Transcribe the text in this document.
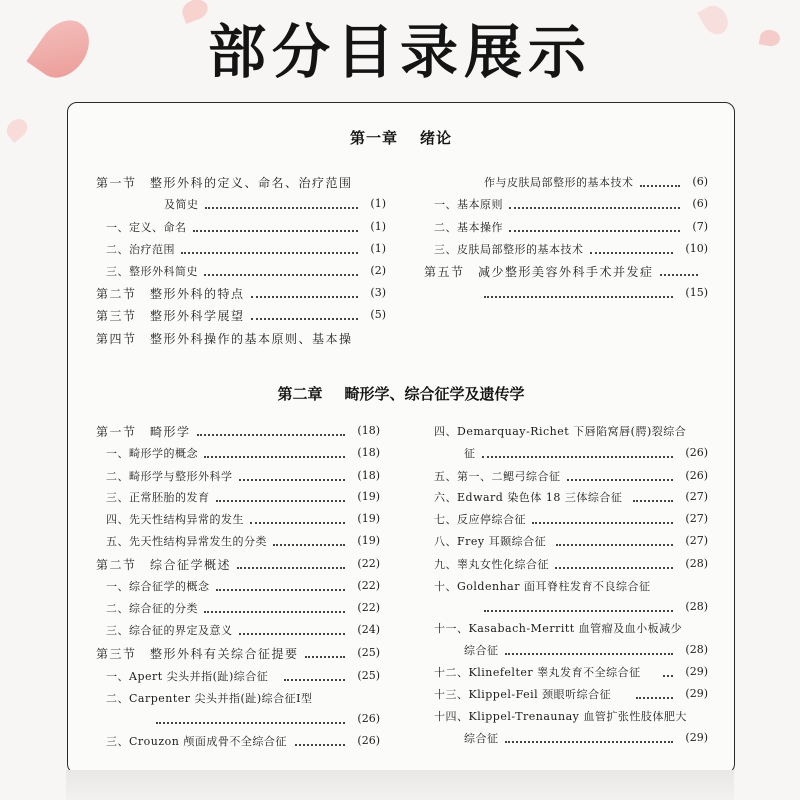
部分目录展示
第一章 绪论
第二章 畸形学、综合征学及遗传学
第一节　整形外科的定义、命名、治疗范围
及简史	(1)
一、定义、命名	(1)
二、治疗范围	(1)
三、整形外科简史	(2)
第二节　整形外科的特点	(3)
第三节　整形外科学展望	(5)
第四节　整形外科操作的基本原则、基本操
作与皮肤局部整形的基本技术	(6)
一、基本原则	(6)
二、基本操作	(7)
三、皮肤局部整形的基本技术	(10)
第五节　减少整形美容外科手术并发症
(15)
第一节　畸形学	(18)
一、畸形学的概念	(18)
二、畸形学与整形外科学	(18)
三、正常胚胎的发育	(19)
四、先天性结构异常的发生	(19)
五、先天性结构异常发生的分类	(19)
第二节　综合征学概述	(22)
一、综合征学的概念	(22)
二、综合征的分类	(22)
三、综合征的界定及意义	(24)
第三节　整形外科有关综合征提要	(25)
一、Apert 尖头并指(趾)综合征	(25)
二、Carpenter 尖头并指(趾)综合征Ⅰ型
(26)
三、Crouzon 颅面成骨不全综合征	(26)
四、Demarquay-Richet 下唇陷窝唇(腭)裂综合
征	(26)
五、第一、二鳃弓综合征	(26)
六、Edward 染色体 18 三体综合征	(27)
七、反应停综合征	(27)
八、Frey 耳颞综合征	(27)
九、睾丸女性化综合征	(28)
十、Goldenhar 面耳脊柱发育不良综合征
(28)
十一、Kasabach-Merritt 血管瘤及血小板减少
综合征	(28)
十二、Klinefelter 睾丸发育不全综合征	(29)
十三、Klippel-Feil 颈眼听综合征	(29)
十四、Klippel-Trenaunay 血管扩张性肢体肥大
综合征	(29)
